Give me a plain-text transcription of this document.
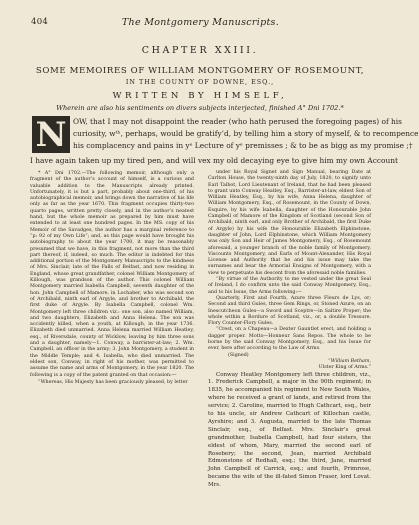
404	The Montgomery Manuscripts.
CHAPTER XXIII.
SOME MEMOIRES OF WILLIAM MONTGOMERY OF ROSEMOUNT,
IN THE COUNTY OF DOWNE, ESQ.,
WRITTEN BY HIMSELF,
Wherein are also his sentiments on divers subjects interjected, finished A° Dni 1702.*
N OW, that I may not disappoint the reader (who hath perused the foregoing pages) of his
curiosity, wᵗʰ, perhaps, would be gratify’d, by telling him a story of myself, & to recompence
his complacency and pains in yᵉ Lecture of yᵉ premisses ; & to be as bigg as my promise ;†
I have again taken up my tired pen, and will vex my old decaying eye to give him my own Account

* A° Dni 1702.—The following memoir, although only a fragment of the author’s account of himself, is a curious and valuable addition to the Manuscripts already printed. Unfortunately, it is but a part, probably about one-third, of his autobiographical memoir, and brings down the narrative of his life only as far as the year 1670. This fragment occupies thirty-two quarto pages, written pretty closely, and in the author’s neatest hand, but the whole memoir as prepared by him must have extended to at least one hundred pages. In the MS. copy of his Memoir of the Savadges, the author has a marginal reference to “p: 92 of my Own Life”; and, as this page would have brought his autobiography to about the year 1700, it may be reasonably presumed that we have, in this fragment, not more than the third part thereof, if, indeed, so much. The editor is indebted for this additional portion of the Montgomery Manuscripts to the kindness of Mrs. Sinclair, late of the Falls of Belfast, and now residing in England, whose great grandfather, colonel William Montgomery of Killough, was grandson of the author. This colonel William Montgomery married Isabella Campbell, seventh daughter of the hon. John Campbell of Mamore, in Lochaber, who was second son of Archibald, ninth earl of Argyle, and brother to Archibald, the first duke of Argyle. By Isabella Campbell, colonel Wm. Montgomery left three children viz.: one son, also named William, and two daughters, Elizabeth and Anna Helena. The son was accidently killed, when a youth, at Killough, in the year 1736. Elizabeth died unmarried. Anna Helena married William Heatley, esq., of Riversdale, county of Wicklow, leaving by him three sons and a daughter, namely—1. Conway, a barrister-at-law; 2. Wm. Campbell, an officer in the army; 3. John Montgomery, a student in the Middle Temple; and 4. Isabella, who died unmarried. The eldest son, Conway, in right of his mother, was permitted to assume the name and arms of Montgomery, in the year 1820. The following is a copy of the patent granted on that occasion:—

“Whereas, His Majesty has been graciously pleased, by letter

under his Royal Signet and Sign Manual, bearing Date at Carlton House, the twenty-ninth day of July, 1820, to signify unto Earl Talbot, Lord Lieutenant of Ireland, that he had been pleased to grant unto Conway Heatley, Esq., Barrister-at-law, eldest Son of William Heatley, Esq., by his wife, Anna Helena, daughter of William Montgomery, Esq., of Rosemount, in the County of Down, Esquire, by his wife Isabella, daughter of the Honourable John Campbell of Mamore of the Kingdom of Scotland (second Son of Archibald, ninth earl, and only Brother of Archibald, the first Duke of Argyle) by his wife the Honourable Elizabeth Elphinstone, daughter of John, Lord Elphinstone, which William Montgomery was only Son and Heir of James Montgomery, Esq., of Rosemount aforesaid, a younger branch of the noble family of Montgomery, Viscounts Montgomery, and Earls of Mount-Alexander, His Royal License and Authority that he and his issue may take the surnames and bear the Armorial Ensigns of Montgomery, with a view to perpetuate his descent from the aforesaid noble families.

“By virtue of the Authority to me vested under the great Seal of Ireland, I do confirm unto the said Conway Montgomery, Esq., and to his Issue, the Arms following:—

Quarterly, First and Fourth, Azure three Fleurs de Lys, or; Second and third Gules, three Gem Rings, or, Stoned Azure, on an Inescutcheon Gules—a Sword and Sceptre—in Saltire Proper; the whole within a Bordure of Scotland, viz., or, a double Tressure. Flory Counter-Flory Gules.

“Crest, on a Chapeau—a Dexter Gauntlet erect, and holding a dagger proper. Motto—Honneur Sans Repos. The whole to be borne by the said Conway Montgomery, Esq., and his Issue for ever, here after according to the Law of Arms.

(Signed)

“William Betham,

Ulster King of Arms.”

Conway Heatley Montgomery left three children, viz., 1. Frederick Campbell, a major in the 90th regiment; in 1835, he accompanied his regiment to New South Wales, where he received a grant of lands, and retired from the service; 2. Caroline, married to Hugh Cathcart, esq., heir to his uncle, sir Andrew Cathcart of Killochan castle, Ayrshire; and 3. Augusta, married to the late Thomas Sinclair, esq., of Belfast. Mrs. Sinclair’s great grandmother, Isabella Campbell, had four sisters, the eldest of whom, Mary, married the second earl of Rosebery; the second, Jean, married Archibald Edmonstone of Redhall, esq.; the third, Jane, married John Campbell of Carrick, esq.; and fourth, Primrose, became the wife of the ill-fated Simon Fraser, lord Lovat. Mrs.
